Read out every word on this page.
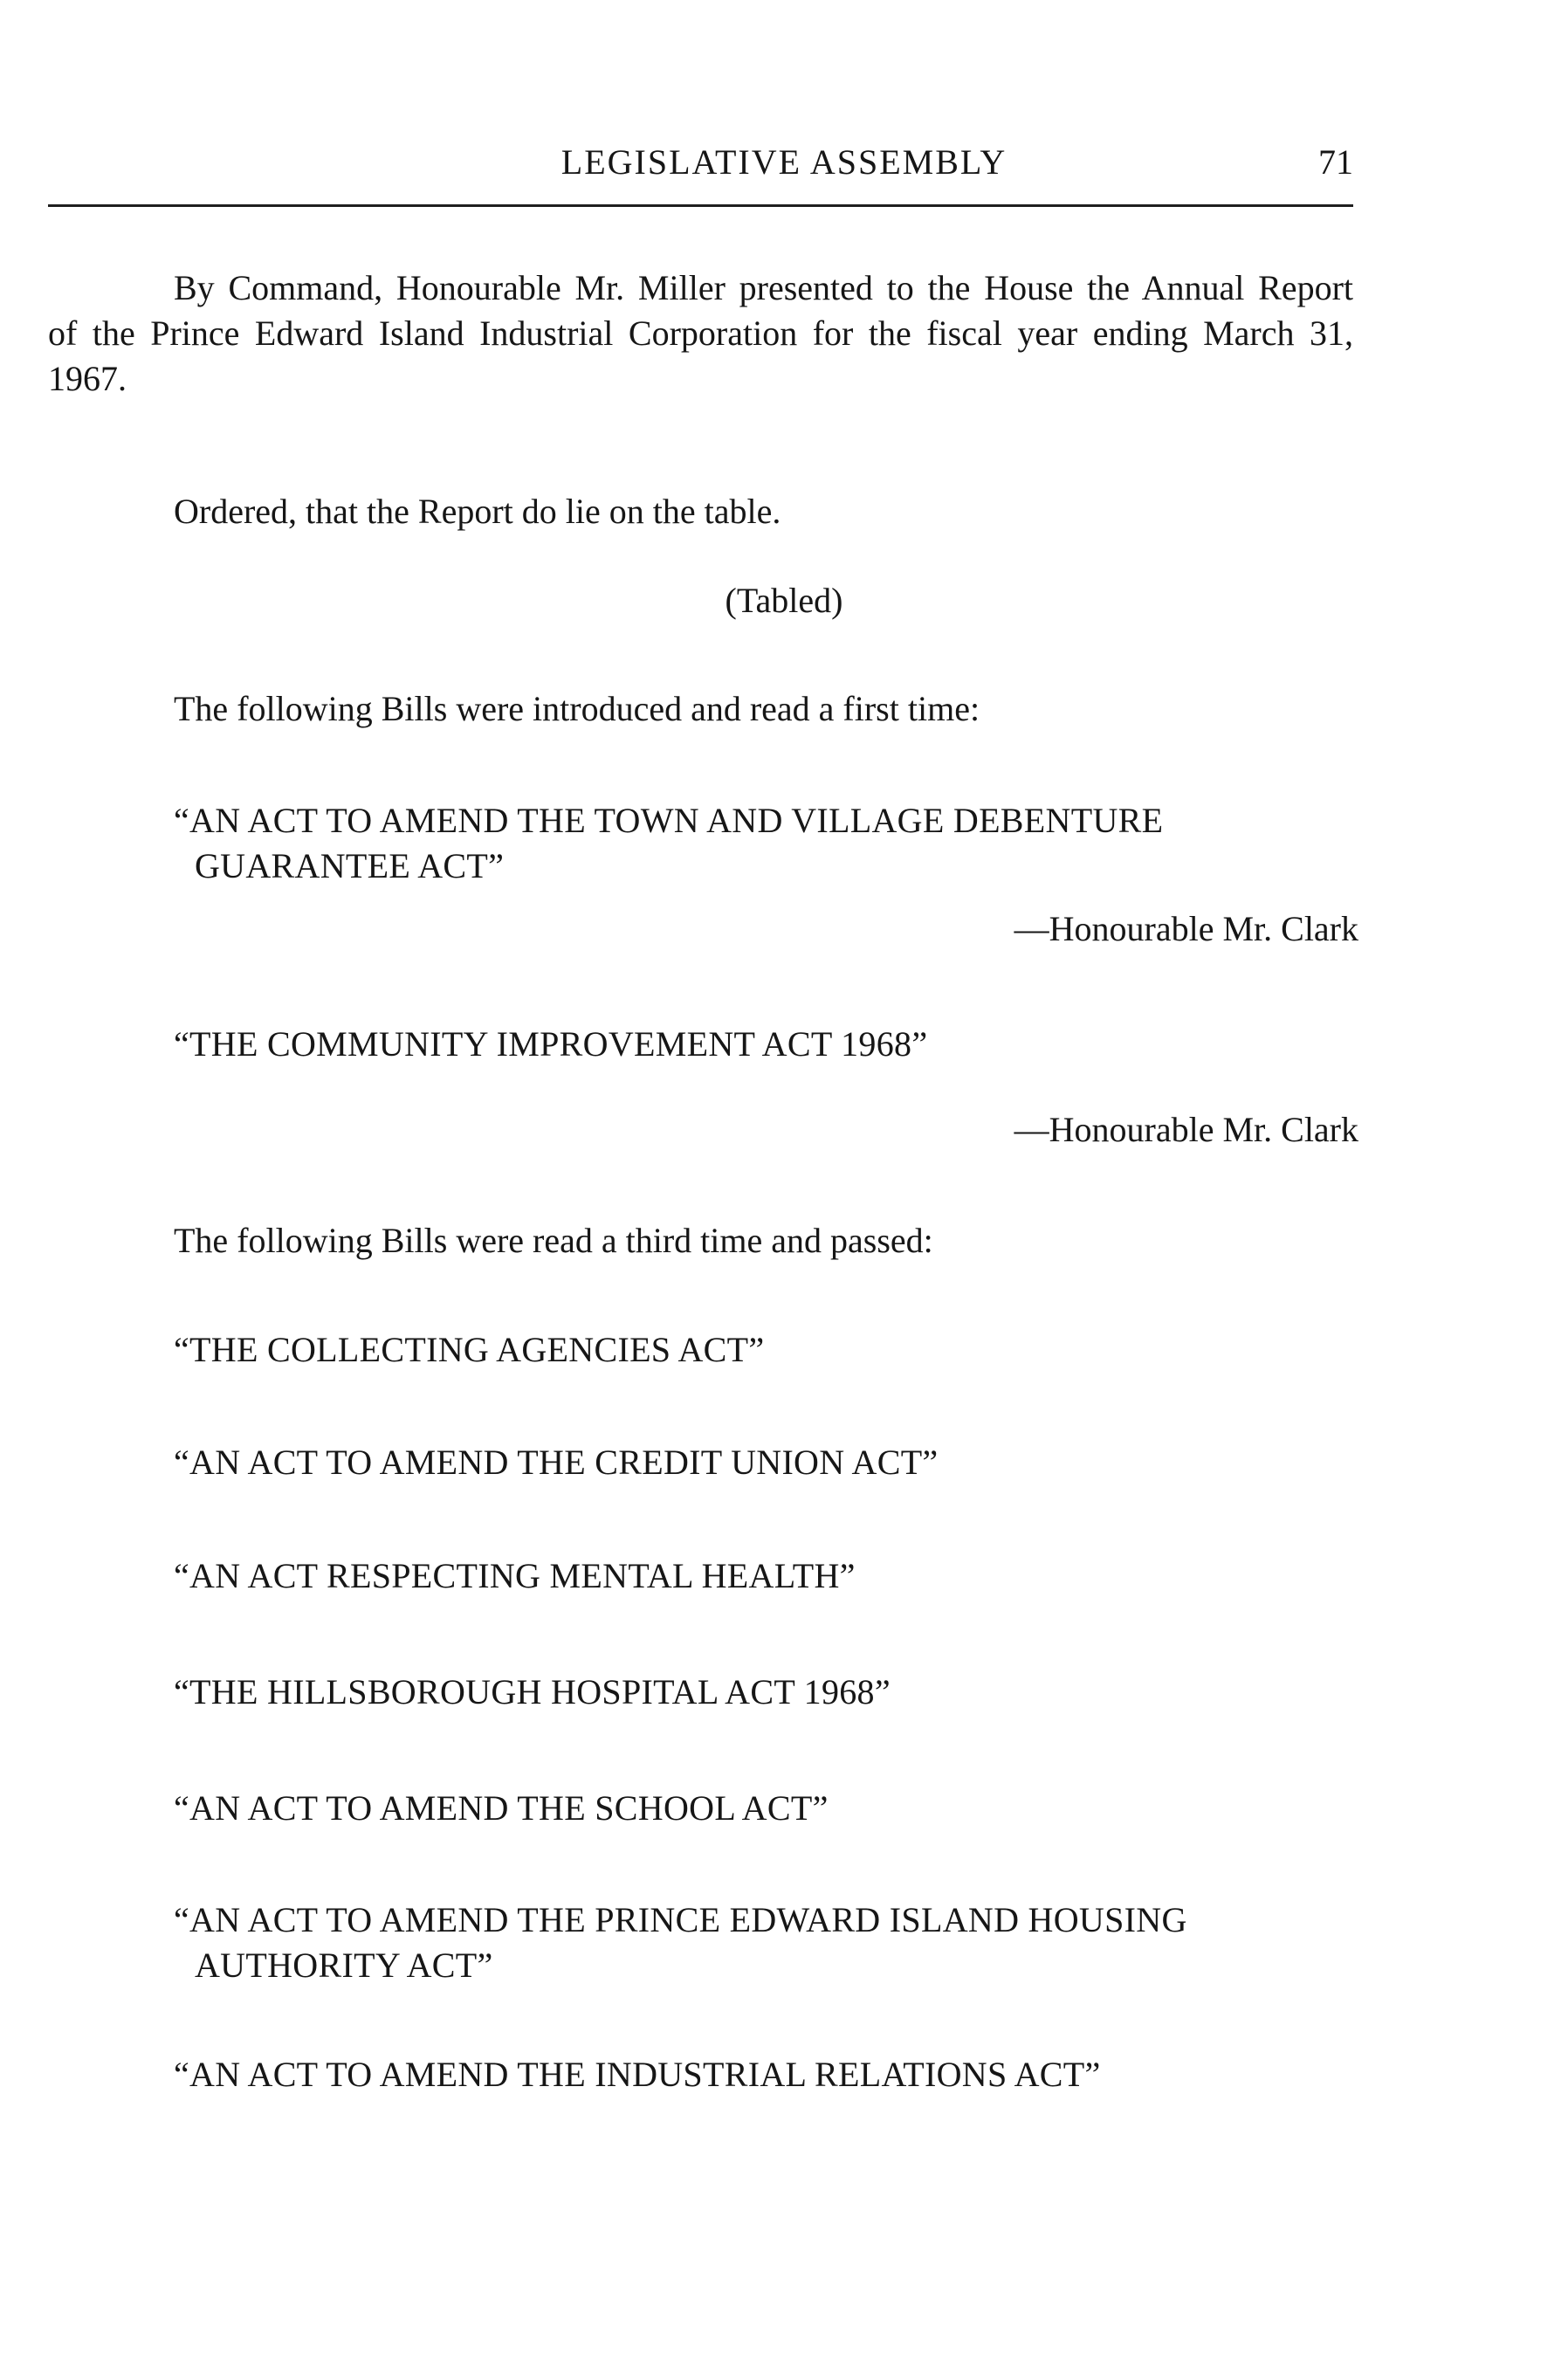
LEGISLATIVE ASSEMBLY	71
By Command, Honourable Mr. Miller presented to the House the Annual Report of the Prince Edward Island Industrial Corporation for the fiscal year ending March 31, 1967.
Ordered, that the Report do lie on the table.
(Tabled)
The following Bills were introduced and read a first time:
“AN ACT TO AMEND THE TOWN AND VILLAGE DEBENTURE GUARANTEE ACT”
—Honourable Mr. Clark
“THE COMMUNITY IMPROVEMENT ACT 1968”
—Honourable Mr. Clark
The following Bills were read a third time and passed:
“THE COLLECTING AGENCIES ACT”
“AN ACT TO AMEND THE CREDIT UNION ACT”
“AN ACT RESPECTING MENTAL HEALTH”
“THE HILLSBOROUGH HOSPITAL ACT 1968”
“AN ACT TO AMEND THE SCHOOL ACT”
“AN ACT TO AMEND THE PRINCE EDWARD ISLAND HOUSING AUTHORITY ACT”
“AN ACT TO AMEND THE INDUSTRIAL RELATIONS ACT”
